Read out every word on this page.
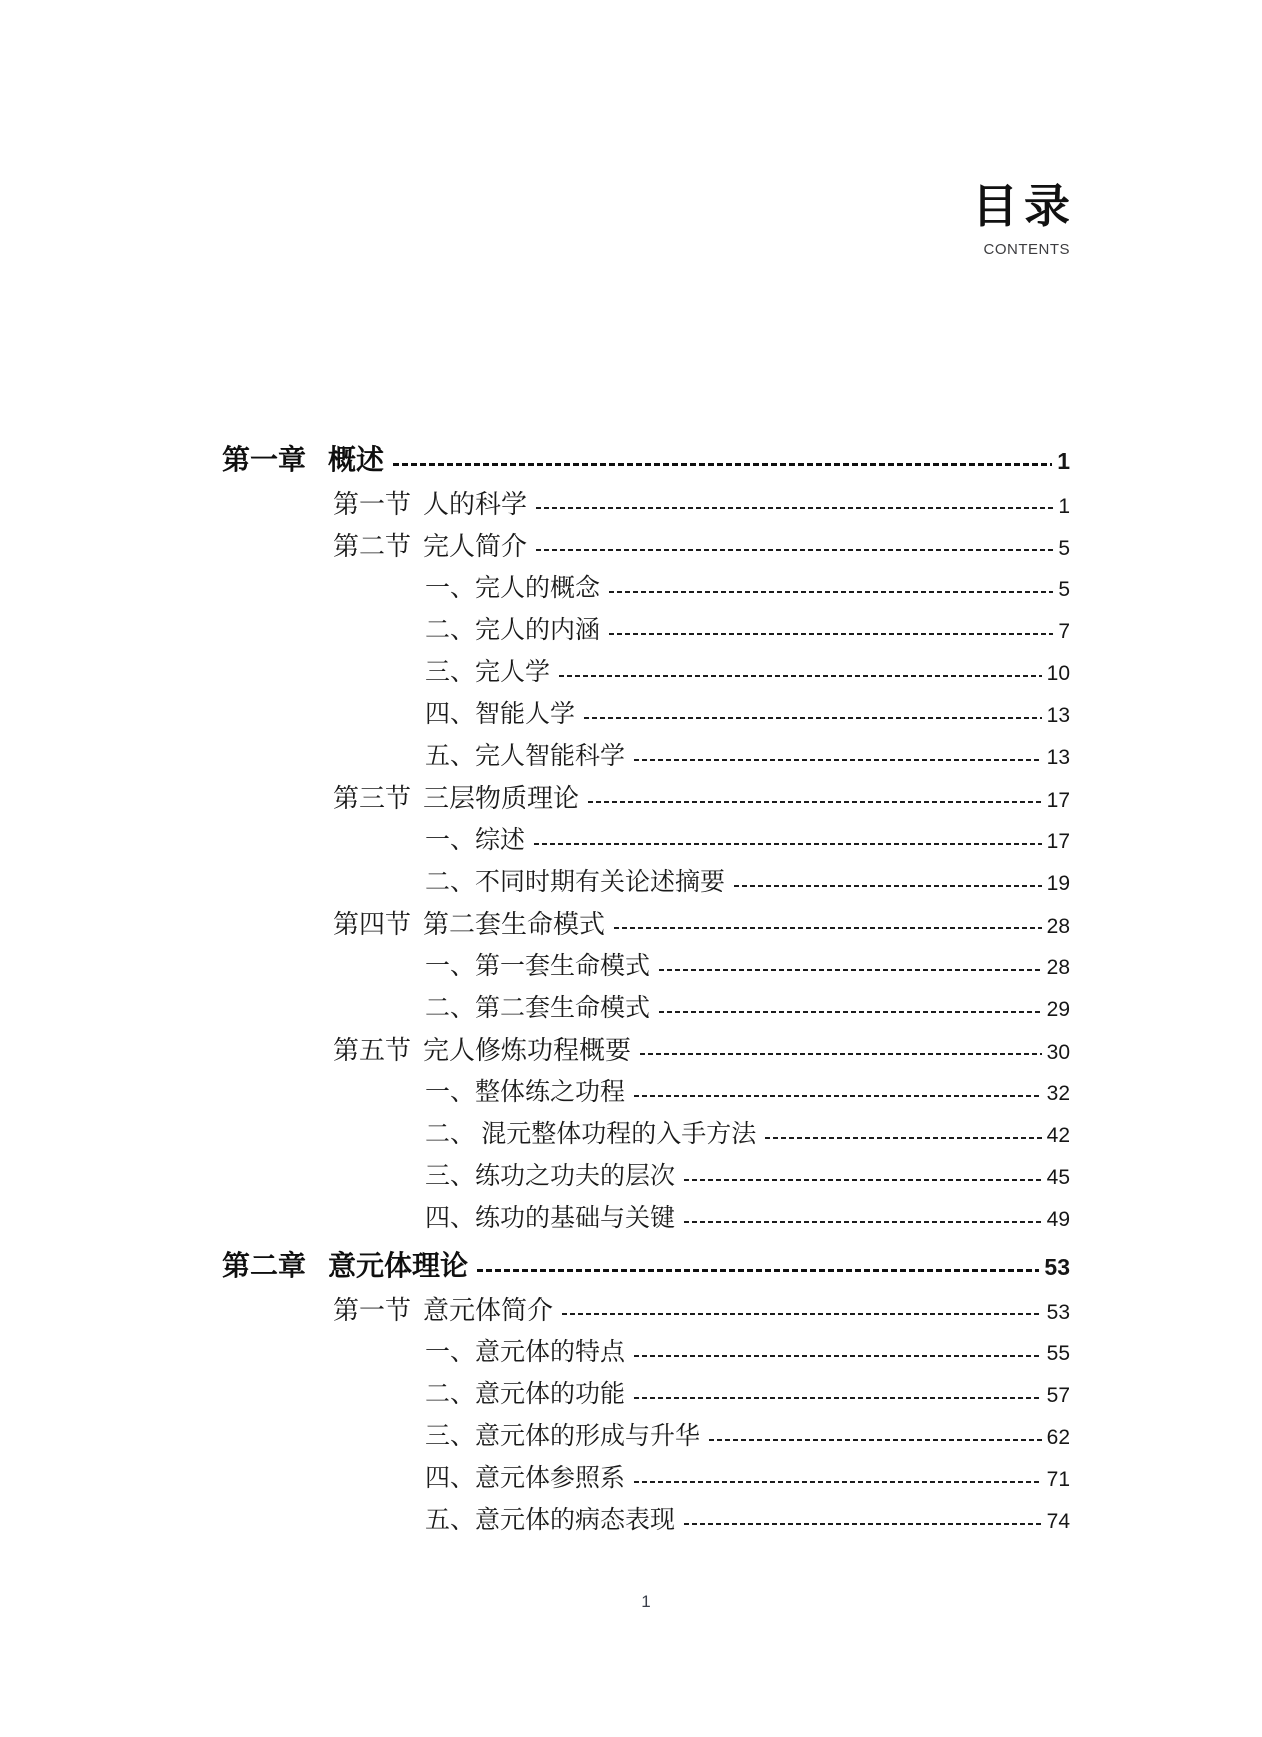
目录
CONTENTS
第一章 概述	1
第一节 人的科学	1
第二节 完人简介	5
一、完人的概念	5
二、完人的内涵	7
三、完人学	10
四、智能人学	13
五、完人智能科学	13
第三节 三层物质理论	17
一、综述	17
二、不同时期有关论述摘要	19
第四节 第二套生命模式	28
一、第一套生命模式	28
二、第二套生命模式	29
第五节 完人修炼功程概要	30
一、整体练之功程	32
二、 混元整体功程的入手方法	42
三、练功之功夫的层次	45
四、练功的基础与关键	49
第二章 意元体理论	53
第一节 意元体简介	53
一、意元体的特点	55
二、意元体的功能	57
三、意元体的形成与升华	62
四、意元体参照系	71
五、意元体的病态表现	74
1
